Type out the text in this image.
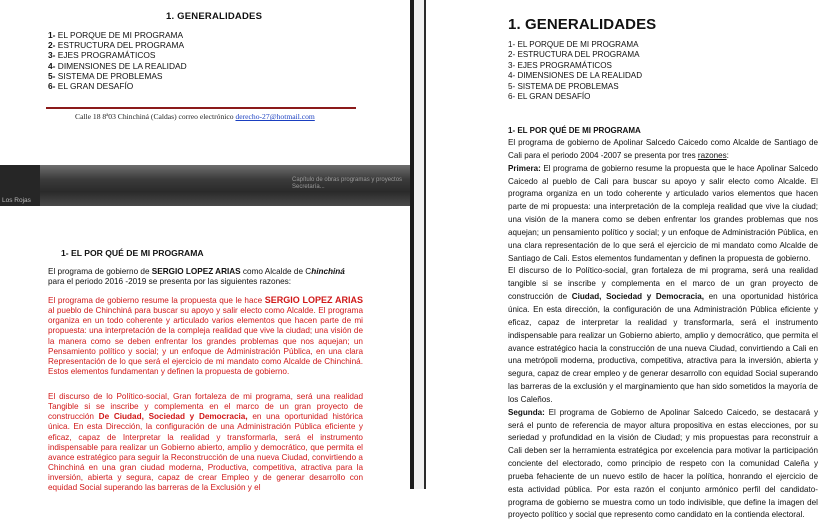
1. GENERALIDADES
1- EL PORQUE DE MI PROGRAMA
2- ESTRUCTURA DEL PROGRAMA
3- EJES PROGRAMÁTICOS
4- DIMENSIONES DE LA REALIDAD
5- SISTEMA DE PROBLEMAS
6- EL GRAN DESAFÍO
Calle 18 8ª03 Chinchiná (Caldas) correo electrónico derecho-27@hotmail.com
Los Rojas
Capítulo de obras programas y proyectos Secretaría...
1- EL POR QUÉ DE MI PROGRAMA

El programa de gobierno de SERGIO LOPEZ ARIAS como Alcalde de Chinchiná para el periodo 2016 -2019 se presenta por las siguientes razones:

El programa de gobierno resume la propuesta que le hace SERGIO LOPEZ ARIAS al pueblo de Chinchiná para buscar su apoyo y salir electo como Alcalde. El programa organiza en un todo coherente y articulado varios elementos que hacen parte de mi propuesta: una interpretación de la compleja realidad que vive la ciudad; una visión de la manera como se deben enfrentar los grandes problemas que nos aquejan; un Pensamiento político y social; y un enfoque de Administración Pública, en una clara Representación de lo que será el ejercicio de mi mandato como Alcalde de Chinchiná. Estos elementos fundamentan y definen la propuesta de gobierno.

El discurso de lo Político-social, Gran fortaleza de mi programa, será una realidad Tangible si se inscribe y complementa en el marco de un gran proyecto de construcción De Ciudad, Sociedad y Democracia, en una oportunidad histórica única. En esta Dirección, la configuración de una Administración Pública eficiente y eficaz, capaz de Interpretar la realidad y transformarla, será el instrumento indispensable para realizar un Gobierno abierto, amplio y democrático, que permita el avance estratégico para seguir la Reconstrucción de una nueva Ciudad, convirtiendo a Chinchiná en una gran ciudad moderna, Productiva, competitiva, atractiva para la inversión, abierta y segura, capaz de crear Empleo y de generar desarrollo con equidad Social superando las barreras de la Exclusión y el

1. GENERALIDADES
1- EL PORQUE DE MI PROGRAMA
2- ESTRUCTURA DEL PROGRAMA
3- EJES PROGRAMÁTICOS
4- DIMENSIONES DE LA REALIDAD
5- SISTEMA DE PROBLEMAS
6- EL GRAN DESAFÍO
1- EL POR QUÉ DE MI PROGRAMA

El programa de gobierno de Apolinar Salcedo Caicedo como Alcalde de Santiago de Cali para el periodo 2004 -2007 se presenta por tres razones:

Primera: El programa de gobierno resume la propuesta que le hace Apolinar Salcedo Caicedo al pueblo de Cali para buscar su apoyo y salir electo como Alcalde. El programa organiza en un todo coherente y articulado varios elementos que hacen parte de mi propuesta: una interpretación de la compleja realidad que vive la ciudad; una visión de la manera como se deben enfrentar los grandes problemas que nos aquejan; un pensamiento político y social; y un enfoque de Administración Pública, en una clara representación de lo que será el ejercicio de mi mandato como Alcalde de Santiago de Cali. Estos elementos fundamentan y definen la propuesta de gobierno.

El discurso de lo Político-social, gran fortaleza de mi programa, será una realidad tangible si se inscribe y complementa en el marco de un gran proyecto de construcción de Ciudad, Sociedad y Democracia, en una oportunidad histórica única. En esta dirección, la configuración de una Administración Pública eficiente y eficaz, capaz de interpretar la realidad y transformarla, será el instrumento indispensable para realizar un Gobierno abierto, amplio y democrático, que permita el avance estratégico hacia la construcción de una nueva Ciudad, convirtiendo a Cali en una metrópoli moderna, productiva, competitiva, atractiva para la inversión, abierta y segura, capaz de crear empleo y de generar desarrollo con equidad Social superando las barreras de la exclusión y el marginamiento que han sido sometidos la mayoría de los Caleños.

Segunda: El programa de Gobierno de Apolinar Salcedo Caicedo, se destacará y será el punto de referencia de mayor altura propositiva en estas elecciones, por su seriedad y profundidad en la visión de Ciudad; y mis propuestas para reconstruir a Cali deben ser la herramienta estratégica por excelencia para motivar la participación conciente del electorado, como principio de respeto con la comunidad Caleña y prueba fehaciente de un nuevo estilo de hacer la política, honrando el ejercicio de esta actividad pública. Por esta razón el conjunto armónico perfil del candidato-programa de gobierno se muestra como un todo indivisible, que define la imagen del proyecto político y social que represento como candidato en la contienda electoral.
